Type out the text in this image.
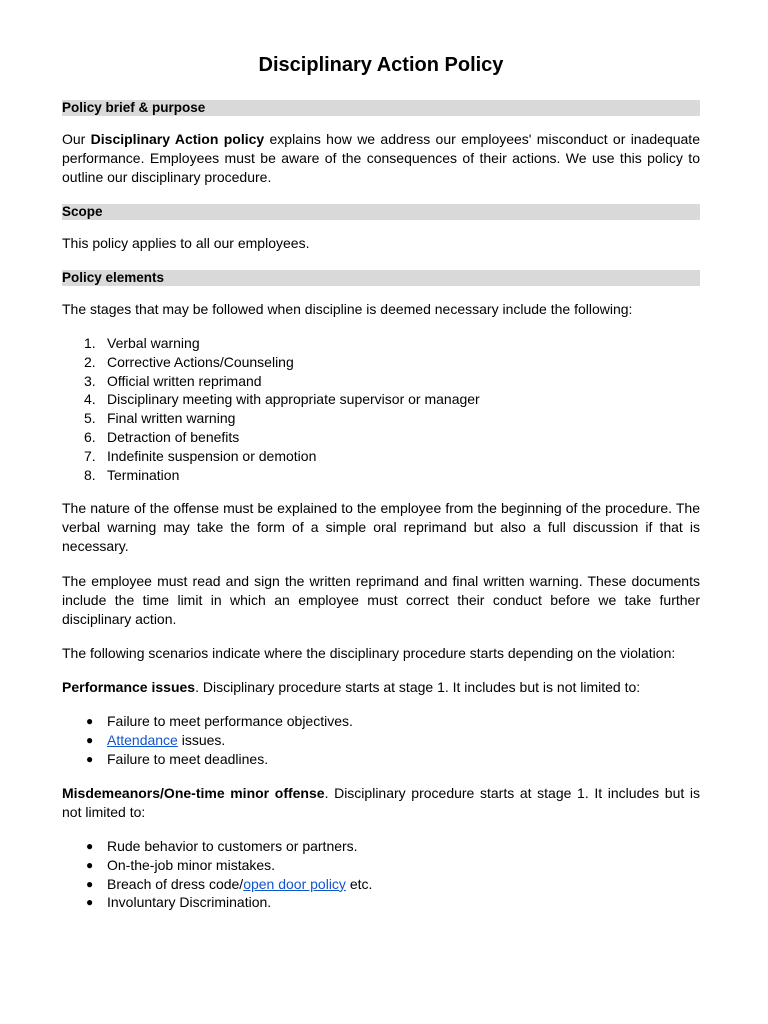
Disciplinary Action Policy
Policy brief & purpose

Our Disciplinary Action policy explains how we address our employees' misconduct or inadequate performance. Employees must be aware of the consequences of their actions. We use this policy to outline our disciplinary procedure.

Scope

This policy applies to all our employees.

Policy elements

The stages that may be followed when discipline is deemed necessary include the following:

1. Verbal warning
2. Corrective Actions/Counseling
3. Official written reprimand
4. Disciplinary meeting with appropriate supervisor or manager
5. Final written warning
6. Detraction of benefits
7. Indefinite suspension or demotion
8. Termination

The nature of the offense must be explained to the employee from the beginning of the procedure. The verbal warning may take the form of a simple oral reprimand but also a full discussion if that is necessary.

The employee must read and sign the written reprimand and final written warning. These documents include the time limit in which an employee must correct their conduct before we take further disciplinary action.

The following scenarios indicate where the disciplinary procedure starts depending on the violation:

Performance issues. Disciplinary procedure starts at stage 1. It includes but is not limited to:

● Failure to meet performance objectives.
● Attendance issues.
● Failure to meet deadlines.

Misdemeanors/One-time minor offense. Disciplinary procedure starts at stage 1. It includes but is not limited to:

● Rude behavior to customers or partners.
● On-the-job minor mistakes.
● Breach of dress code/open door policy etc.
● Involuntary Discrimination.
